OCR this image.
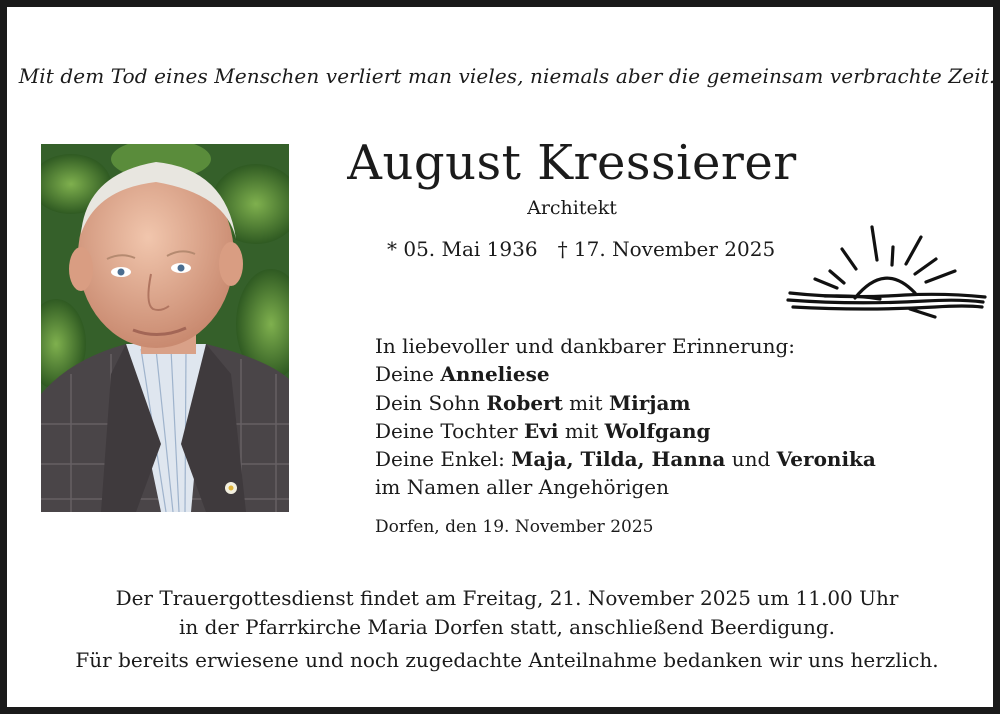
Mit dem Tod eines Menschen verliert man vieles, niemals aber die gemeinsam verbrachte Zeit.
August Kressierer
Architekt
* 05. Mai 1936 † 17. November 2025
In liebevoller und dankbarer Erinnerung:
Deine Anneliese
Dein Sohn Robert mit Mirjam
Deine Tochter Evi mit Wolfgang
Deine Enkel: Maja, Tilda, Hanna und Veronika
im Namen aller Angehörigen
Dorfen, den 19. November 2025
Der Trauergottesdienst findet am Freitag, 21. November 2025 um 11.00 Uhr
in der Pfarrkirche Maria Dorfen statt, anschließend Beerdigung.
Für bereits erwiesene und noch zugedachte Anteilnahme bedanken wir uns herzlich.
